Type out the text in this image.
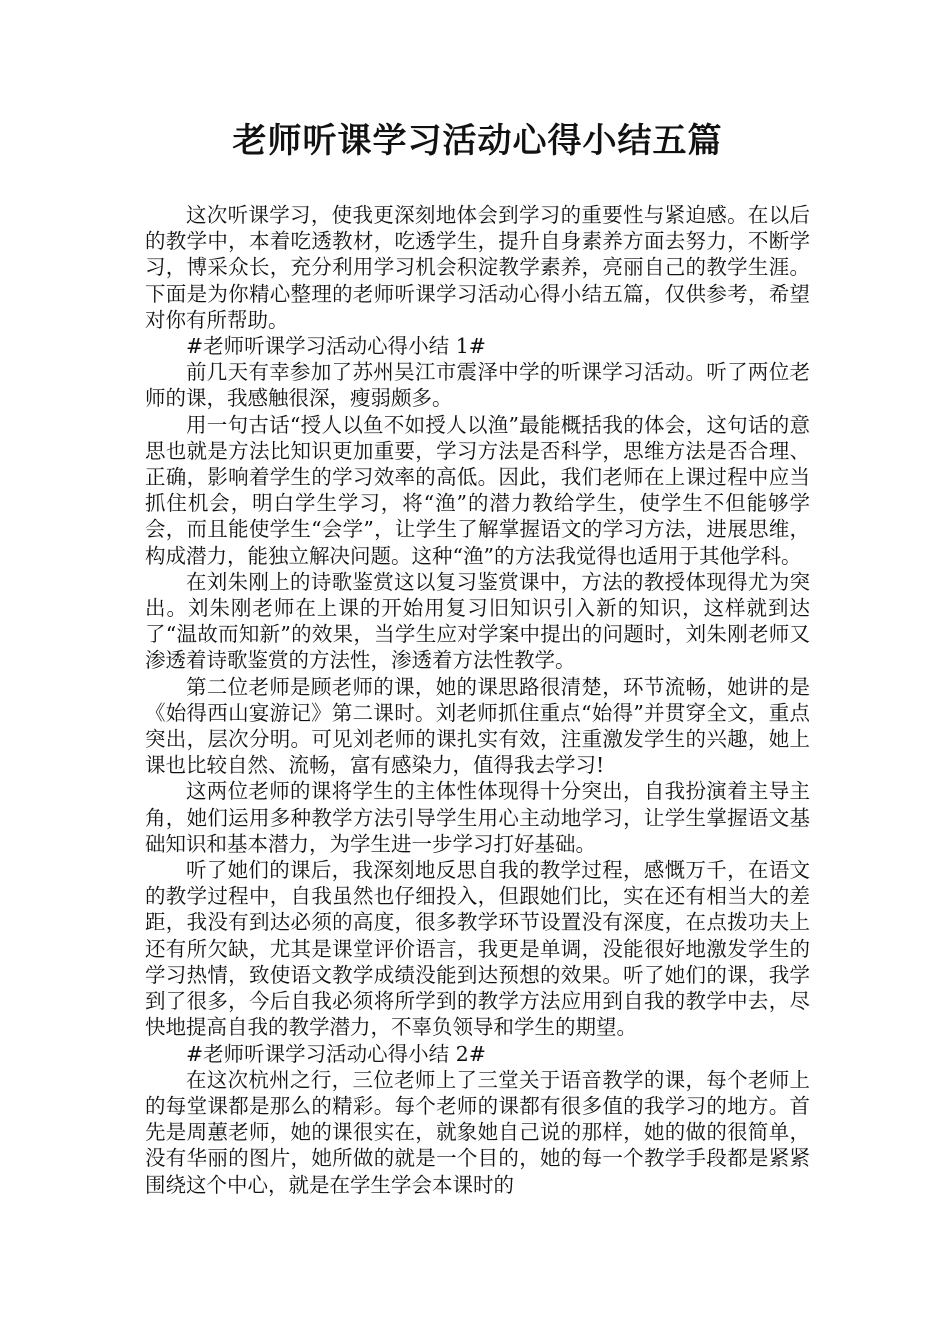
老师听课学习活动心得小结五篇

这次听课学习，使我更深刻地体会到学习的重要性与紧迫感。在以后的教学中，本着吃透教材，吃透学生，提升自身素养方面去努力，不断学习，博采众长，充分利用学习机会积淀教学素养，亮丽自己的教学生涯。下面是为你精心整理的老师听课学习活动心得小结五篇，仅供参考，希望对你有所帮助。

#老师听课学习活动心得小结 1#

前几天有幸参加了苏州吴江市震泽中学的听课学习活动。听了两位老师的课，我感触很深，瘦弱颇多。

用一句古话“授人以鱼不如授人以渔”最能概括我的体会，这句话的意思也就是方法比知识更加重要，学习方法是否科学，思维方法是否合理、正确，影响着学生的学习效率的高低。因此，我们老师在上课过程中应当抓住机会，明白学生学习，将“渔”的潜力教给学生，使学生不但能够学会，而且能使学生“会学”，让学生了解掌握语文的学习方法，进展思维，构成潜力，能独立解决问题。这种“渔”的方法我觉得也适用于其他学科。

在刘朱刚上的诗歌鉴赏这以复习鉴赏课中，方法的教授体现得尤为突出。刘朱刚老师在上课的开始用复习旧知识引入新的知识，这样就到达了“温故而知新”的效果，当学生应对学案中提出的问题时，刘朱刚老师又渗透着诗歌鉴赏的方法性，渗透着方法性教学。

第二位老师是顾老师的课，她的课思路很清楚，环节流畅，她讲的是《始得西山宴游记》第二课时。刘老师抓住重点“始得”并贯穿全文，重点突出，层次分明。可见刘老师的课扎实有效，注重激发学生的兴趣，她上课也比较自然、流畅，富有感染力，值得我去学习!

这两位老师的课将学生的主体性体现得十分突出，自我扮演着主导主角，她们运用多种教学方法引导学生用心主动地学习，让学生掌握语文基础知识和基本潜力，为学生进一步学习打好基础。

听了她们的课后，我深刻地反思自我的教学过程，感慨万千，在语文的教学过程中，自我虽然也仔细投入，但跟她们比，实在还有相当大的差距，我没有到达必须的高度，很多教学环节设置没有深度，在点拨功夫上还有所欠缺，尤其是课堂评价语言，我更是单调，没能很好地激发学生的学习热情，致使语文教学成绩没能到达预想的效果。听了她们的课，我学到了很多，今后自我必须将所学到的教学方法应用到自我的教学中去，尽快地提高自我的教学潜力，不辜负领导和学生的期望。

#老师听课学习活动心得小结 2#

在这次杭州之行，三位老师上了三堂关于语音教学的课，每个老师上的每堂课都是那么的精彩。每个老师的课都有很多值的我学习的地方。首先是周蕙老师，她的课很实在，就象她自己说的那样，她的做的很简单，没有华丽的图片，她所做的就是一个目的，她的每一个教学手段都是紧紧围绕这个中心，就是在学生学会本课时的
